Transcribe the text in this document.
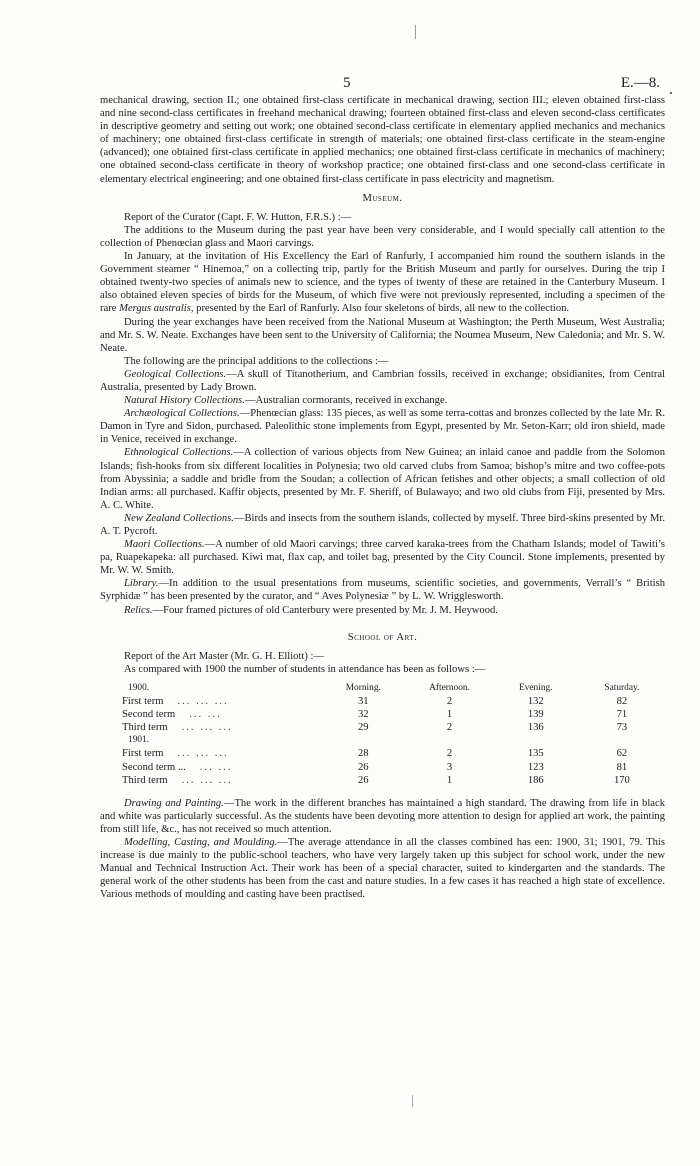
5	E.—8.

mechanical drawing, section II.; one obtained first-class certificate in mechanical drawing, section III.; eleven obtained first-class and nine second-class certificates in freehand mechanical drawing; fourteen obtained first-class and eleven second-class certificates in descriptive geometry and setting out work; one obtained second-class certificate in elementary applied mechanics and mechanics of machinery; one obtained first-class certificate in strength of materials; one obtained first-class certificate in the steam-engine (advanced); one obtained first-class certificate in applied mechanics; one obtained first-class certificate in mechanics of machinery; one obtained second-class certificate in theory of workshop practice; one obtained first-class and one second-class certificate in elementary electrical engineering; and one obtained first-class certificate in pass electricity and magnetism.

Museum.

Report of the Curator (Capt. F. W. Hutton, F.R.S.) :—

The additions to the Museum during the past year have been very considerable, and I would specially call attention to the collection of Phenœcian glass and Maori carvings.

In January, at the invitation of His Excellency the Earl of Ranfurly, I accompanied him round the southern islands in the Government steamer “ Hinemoa,” on a collecting trip, partly for the British Museum and partly for ourselves. During the trip I obtained twenty-two species of animals new to science, and the types of twenty of these are retained in the Canterbury Museum. I also obtained eleven species of birds for the Museum, of which five were not previously represented, including a specimen of the rare Mergus australis, presented by the Earl of Ranfurly. Also four skeletons of birds, all new to the collection.

During the year exchanges have been received from the National Museum at Washington; the Perth Museum, West Australia; and Mr. S. W. Neate. Exchanges have been sent to the University of California; the Noumea Museum, New Caledonia; and Mr. S. W. Neate.

The following are the principal additions to the collections :—

Geological Collections.—A skull of Titanotherium, and Cambrian fossils, received in exchange; obsidianites, from Central Australia, presented by Lady Brown.

Natural History Collections.—Australian cormorants, received in exchange.

Archæological Collections.—Phenœcian glass: 135 pieces, as well as some terra-cottas and bronzes collected by the late Mr. R. Damon in Tyre and Sidon, purchased. Paleolithic stone implements from Egypt, presented by Mr. Seton-Karr; old iron shield, made in Venice, received in exchange.

Ethnological Collections.—A collection of various objects from New Guinea; an inlaid canoe and paddle from the Solomon Islands; fish-hooks from six different localities in Polynesia; two old carved clubs from Samoa; bishop’s mitre and two coffee-pots from Abyssinia; a saddle and bridle from the Soudan; a collection of African fetishes and other objects; a small collection of old Indian arms: all purchased. Kaffir objects, presented by Mr. F. Sheriff, of Bulawayo; and two old clubs from Fiji, presented by Mrs. A. C. White.

New Zealand Collections.—Birds and insects from the southern islands, collected by myself. Three bird-skins presented by Mr. A. T. Pycroft.

Maori Collections.—A number of old Maori carvings; three carved karaka-trees from the Chatham Islands; model of Tawiti’s pa, Ruapekapeka: all purchased. Kiwi mat, flax cap, and toilet bag, presented by the City Council. Stone implements, presented by Mr. W. W. Smith.

Library.—In addition to the usual presentations from museums, scientific societies, and governments, Verrall’s “ British Syrphidæ ” has been presented by the curator, and “ Aves Polynesiæ ” by L. W. Wrigglesworth.

Relics.—Four framed pictures of old Canterbury were presented by Mr. J. M. Heywood.

School of Art.

Report of the Art Master (Mr. G. H. Elliott) :—

As compared with 1900 the number of students in attendance has been as follows :—

1900.	Morning.	Afternoon.	Evening.	Saturday.
First term ... ... ...	31	2	132	82
Second term ... ...	32	1	139	71
Third term ... ... ...	29	2	136	73
1901.				
First term ... ... ...	28	2	135	62
Second term ... ... ...	26	3	123	81
Third term ... ... ...	26	1	186	170

Drawing and Painting.—The work in the different branches has maintained a high standard. The drawing from life in black and white was particularly successful. As the students have been devoting more attention to design for applied art work, the painting from still life, &c., has not received so much attention.

Modelling, Casting, and Moulding.—The average attendance in all the classes combined has een: 1900, 31; 1901, 79. This increase is due mainly to the public-school teachers, who have very largely taken up this subject for school work, under the new Manual and Technical Instruction Act. Their work has been of a special character, suited to kindergarten and the standards. The general work of the other students has been from the cast and nature studies. In a few cases it has reached a high state of excellence. Various methods of moulding and casting have been practised.
